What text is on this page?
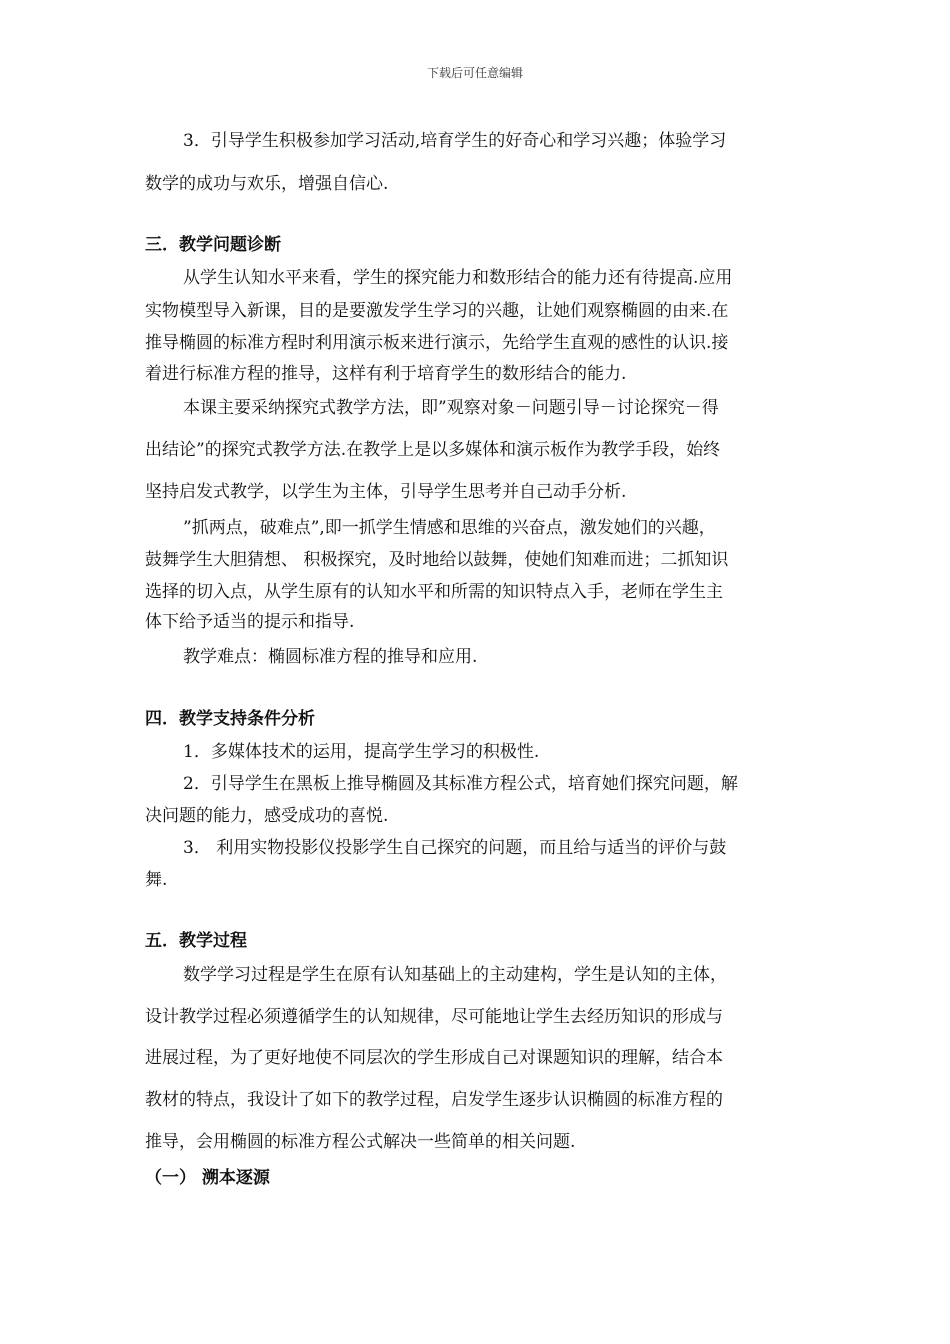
下载后可任意编辑

3．引导学生积极参加学习活动,培育学生的好奇心和学习兴趣；体验学习

数学的成功与欢乐，增强自信心.

三．教学问题诊断

从学生认知水平来看，学生的探究能力和数形结合的能力还有待提高.应用

实物模型导入新课，目的是要激发学生学习的兴趣，让她们观察椭圆的由来.在

推导椭圆的标准方程时利用演示板来进行演示，先给学生直观的感性的认识.接

着进行标准方程的推导，这样有利于培育学生的数形结合的能力.

本课主要采纳探究式教学方法，即”观察对象－问题引导－讨论探究－得

出结论”的探究式教学方法.在教学上是以多媒体和演示板作为教学手段，始终

坚持启发式教学，以学生为主体，引导学生思考并自己动手分析.

”抓两点，破难点”,即一抓学生情感和思维的兴奋点，激发她们的兴趣，

鼓舞学生大胆猜想、 积极探究，及时地给以鼓舞，使她们知难而进；二抓知识

选择的切入点，从学生原有的认知水平和所需的知识特点入手，老师在学生主

体下给予适当的提示和指导.

教学难点：椭圆标准方程的推导和应用.

四．教学支持条件分析

1．多媒体技术的运用，提高学生学习的积极性.

2．引导学生在黑板上推导椭圆及其标准方程公式，培育她们探究问题，解

决问题的能力，感受成功的喜悦.

3． 利用实物投影仪投影学生自己探究的问题，而且给与适当的评价与鼓

舞.

五．教学过程

数学学习过程是学生在原有认知基础上的主动建构，学生是认知的主体，

设计教学过程必须遵循学生的认知规律，尽可能地让学生去经历知识的形成与

进展过程，为了更好地使不同层次的学生形成自己对课题知识的理解，结合本

教材的特点，我设计了如下的教学过程，启发学生逐步认识椭圆的标准方程的

推导，会用椭圆的标准方程公式解决一些简单的相关问题.

（一） 溯本逐源
